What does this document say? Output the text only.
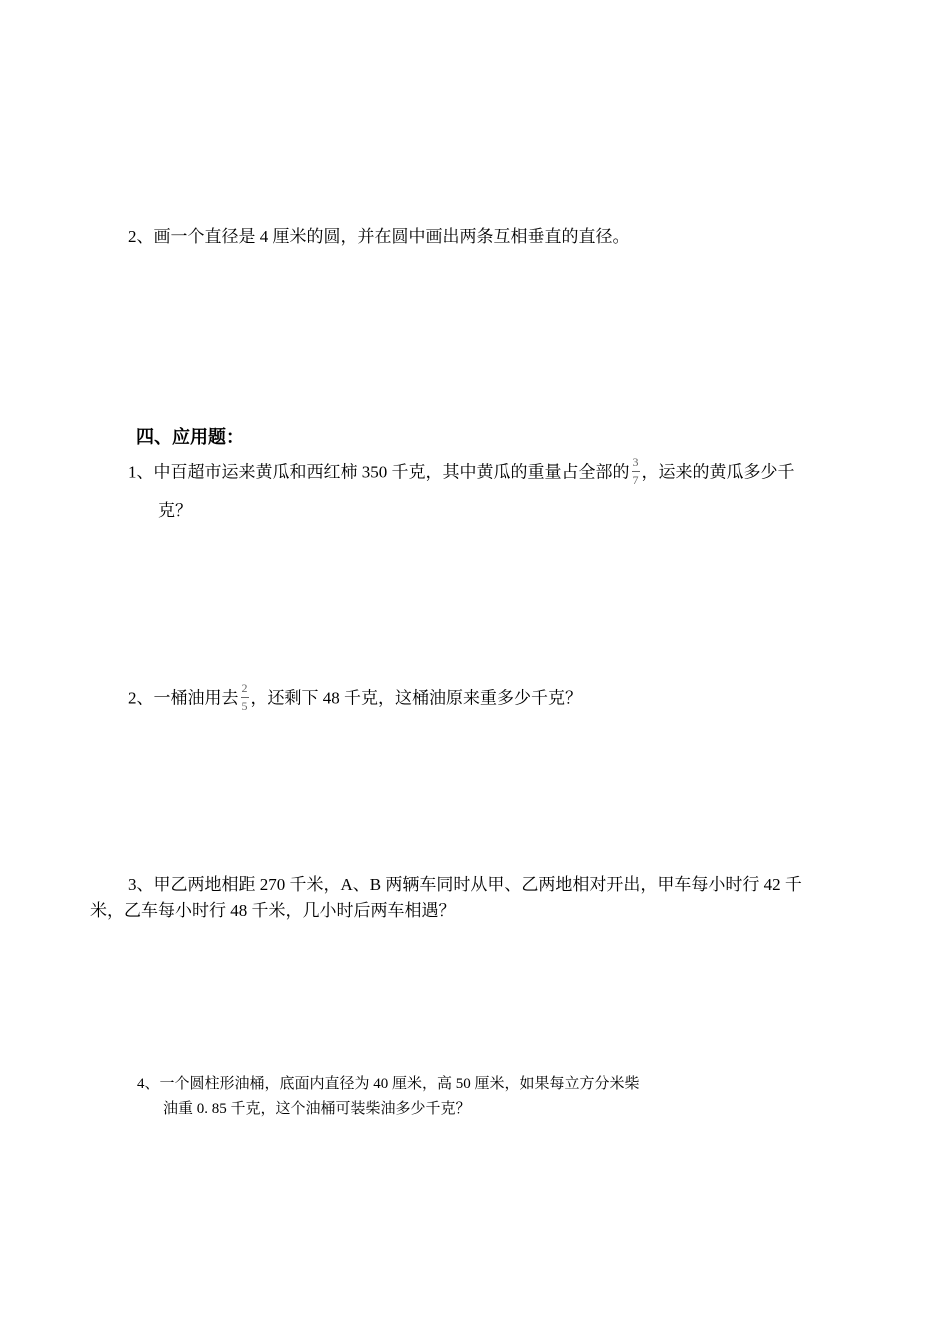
2、画一个直径是 4 厘米的圆，并在圆中画出两条互相垂直的直径。
四、应用题：
1、中百超市运来黄瓜和西红柿 350 千克，其中黄瓜的重量占全部的 $\frac{3}{7}$ ，运来的黄瓜多少千
克？
2、一桶油用去 $\frac{2}{5}$ ，还剩下 48 千克，这桶油原来重多少千克？
3、甲乙两地相距 270 千米，A、B 两辆车同时从甲、乙两地相对开出，甲车每小时行 42 千
米，乙车每小时行 48 千米，几小时后两车相遇？
4、一个圆柱形油桶，底面内直径为 40 厘米，高 50 厘米，如果每立方分米柴
油重 0. 85 千克，这个油桶可装柴油多少千克？
